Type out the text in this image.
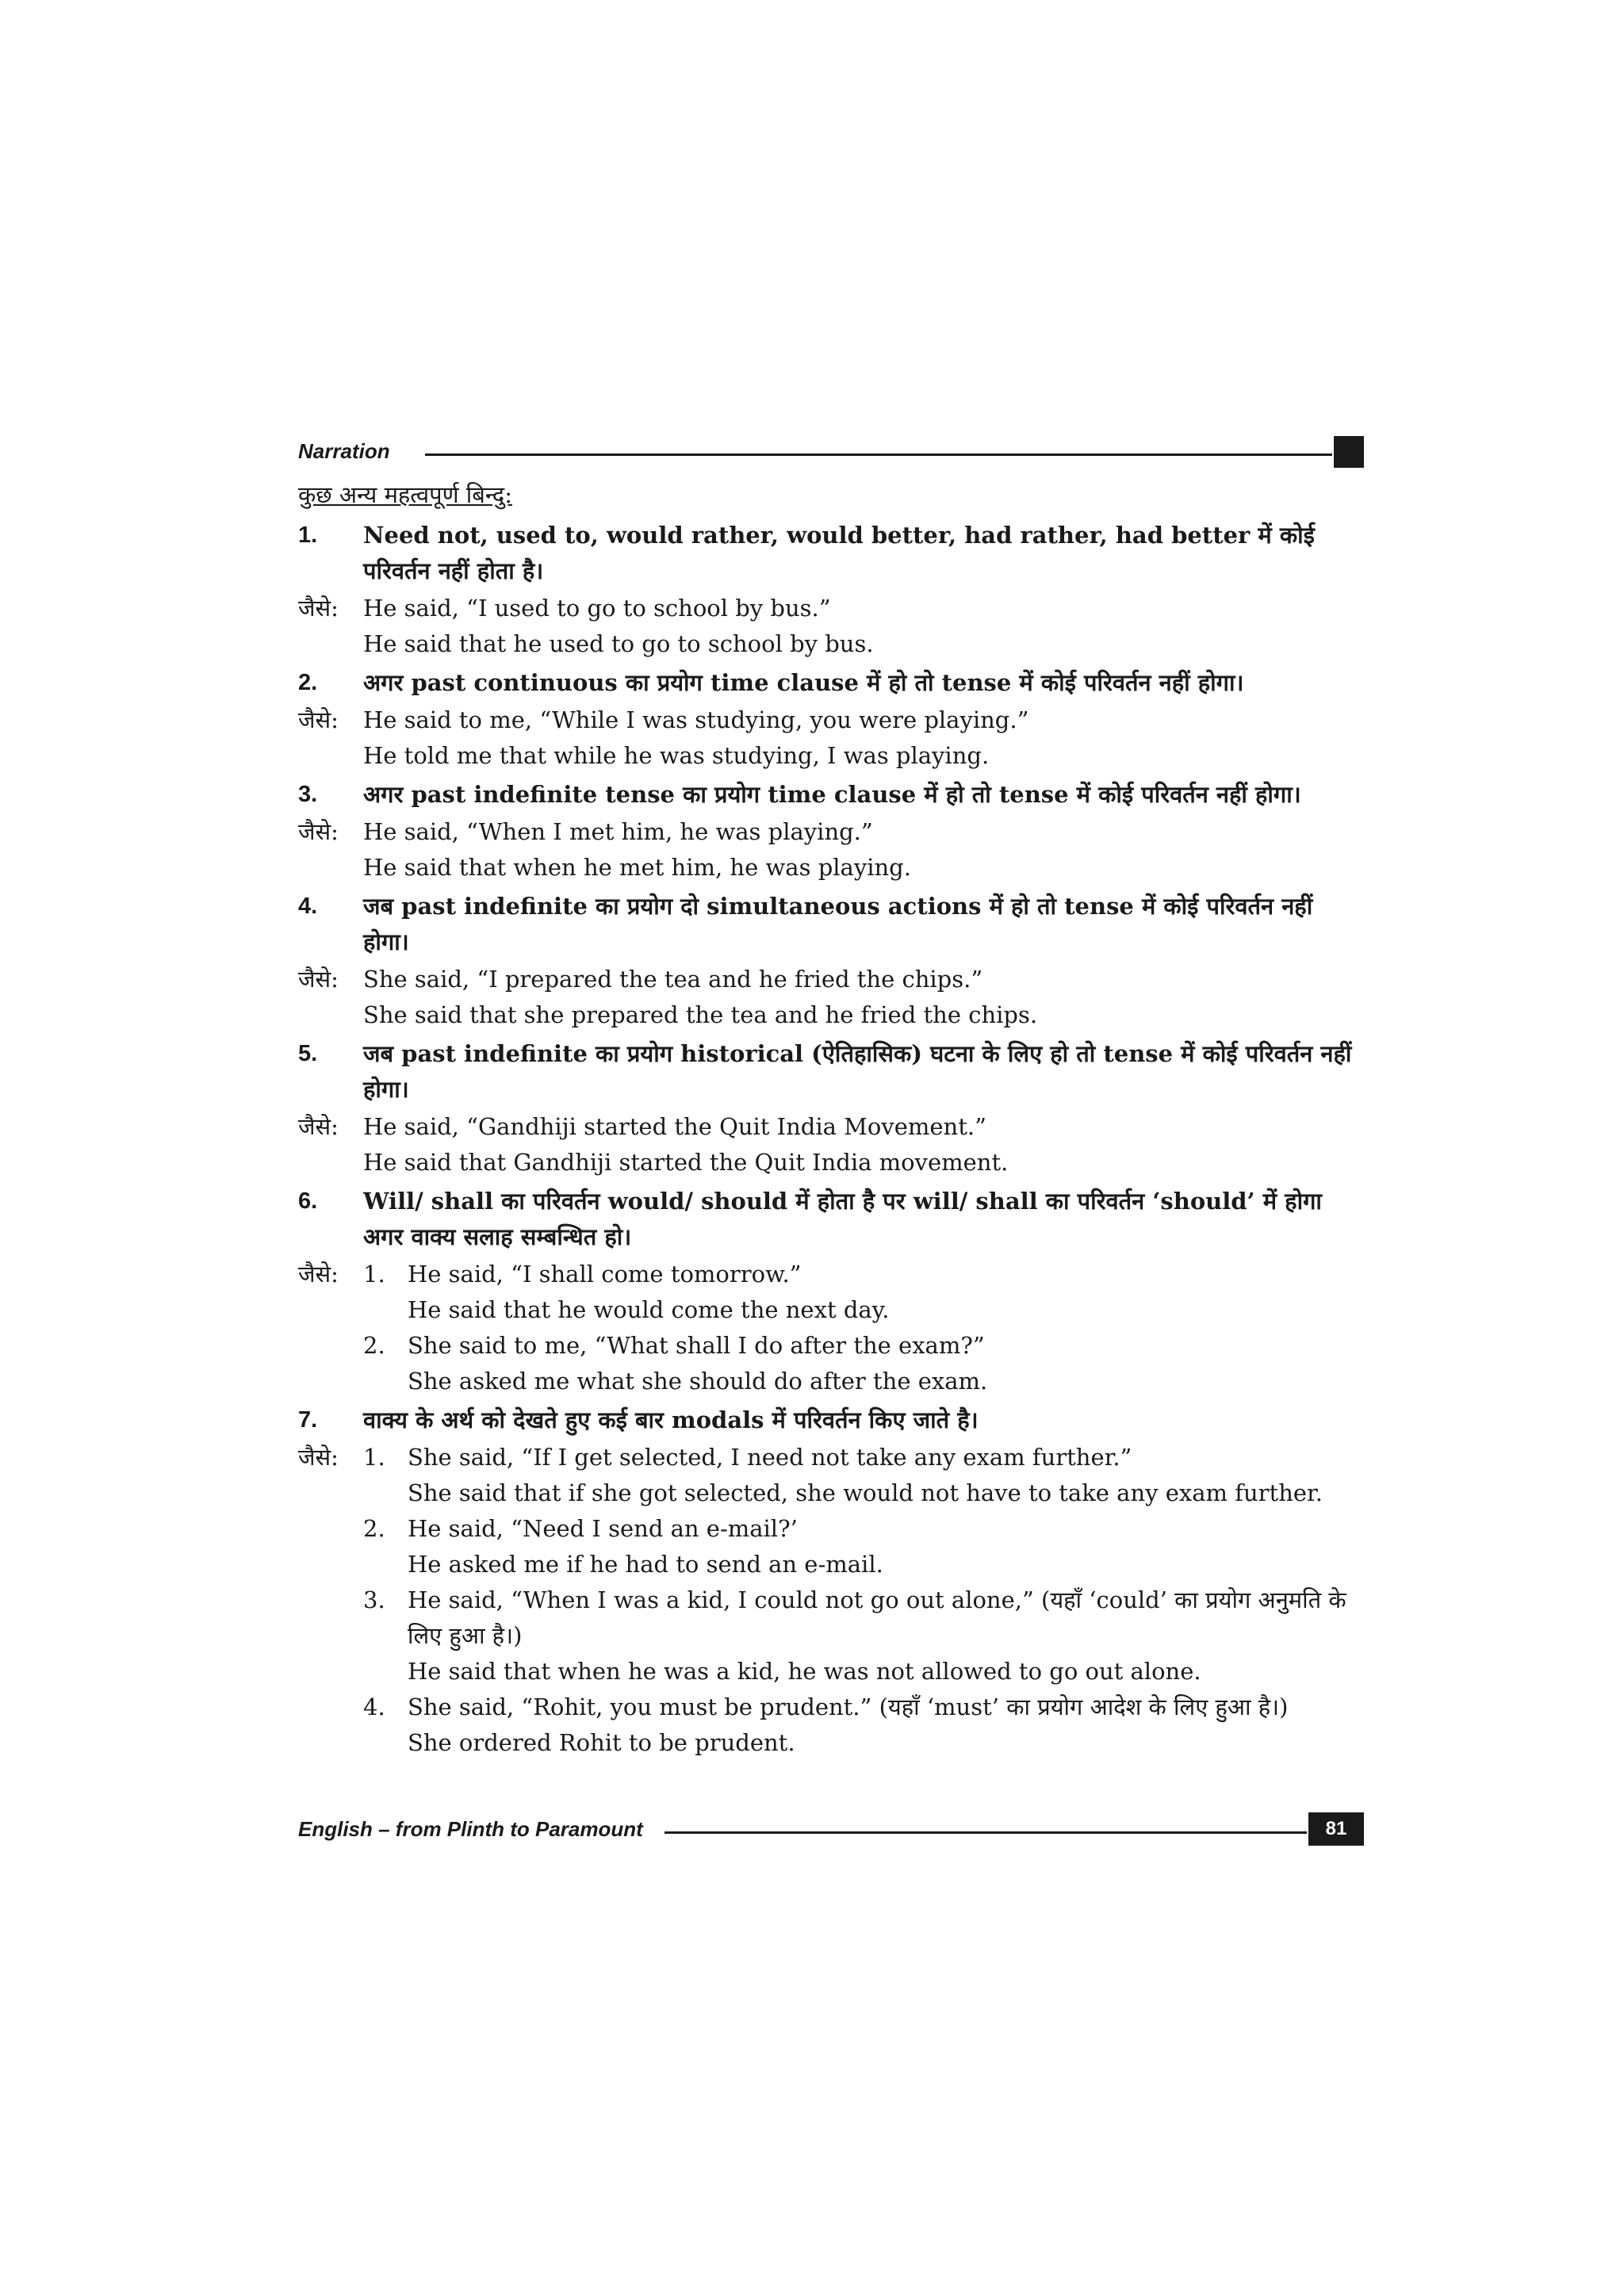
Narration
कुछ अन्य महत्वपूर्ण बिन्दु:
1.	Need not, used to, would rather, would better, had rather, had better में कोई परिवर्तन नहीं होता है।
जैसे:	He said, “I used to go to school by bus.”
He said that he used to go to school by bus.
2.	अगर past continuous का प्रयोग time clause में हो तो tense में कोई परिवर्तन नहीं होगा।
जैसे:	He said to me, “While I was studying, you were playing.”
He told me that while he was studying, I was playing.
3.	अगर past indefinite tense का प्रयोग time clause में हो तो tense में कोई परिवर्तन नहीं होगा।
जैसे:	He said, “When I met him, he was playing.”
He said that when he met him, he was playing.
4.	जब past indefinite का प्रयोग दो simultaneous actions में हो तो tense में कोई परिवर्तन नहीं होगा।
जैसे:	She said, “I prepared the tea and he fried the chips.”
She said that she prepared the tea and he fried the chips.
5.	जब past indefinite का प्रयोग historical (ऐतिहासिक) घटना के लिए हो तो tense में कोई परिवर्तन नहीं होगा।
जैसे:	He said, “Gandhiji started the Quit India Movement.”
He said that Gandhiji started the Quit India movement.
6.	Will/ shall का परिवर्तन would/ should में होता है पर will/ shall का परिवर्तन ‘should’ में होगा अगर वाक्य सलाह सम्बन्धित हो।
जैसे:	1. He said, “I shall come tomorrow.”
He said that he would come the next day.
2. She said to me, “What shall I do after the exam?”
She asked me what she should do after the exam.
7.	वाक्य के अर्थ को देखते हुए कई बार modals में परिवर्तन किए जाते है।
जैसे:	1. She said, “If I get selected, I need not take any exam further.”
She said that if she got selected, she would not have to take any exam further.
2. He said, “Need I send an e-mail?’
He asked me if he had to send an e-mail.
3. He said, “When I was a kid, I could not go out alone,” (यहाँ ‘could’ का प्रयोग अनुमति के लिए हुआ है।)
He said that when he was a kid, he was not allowed to go out alone.
4. She said, “Rohit, you must be prudent.” (यहाँ ‘must’ का प्रयोग आदेश के लिए हुआ है।)
She ordered Rohit to be prudent.
English – from Plinth to Paramount	81
